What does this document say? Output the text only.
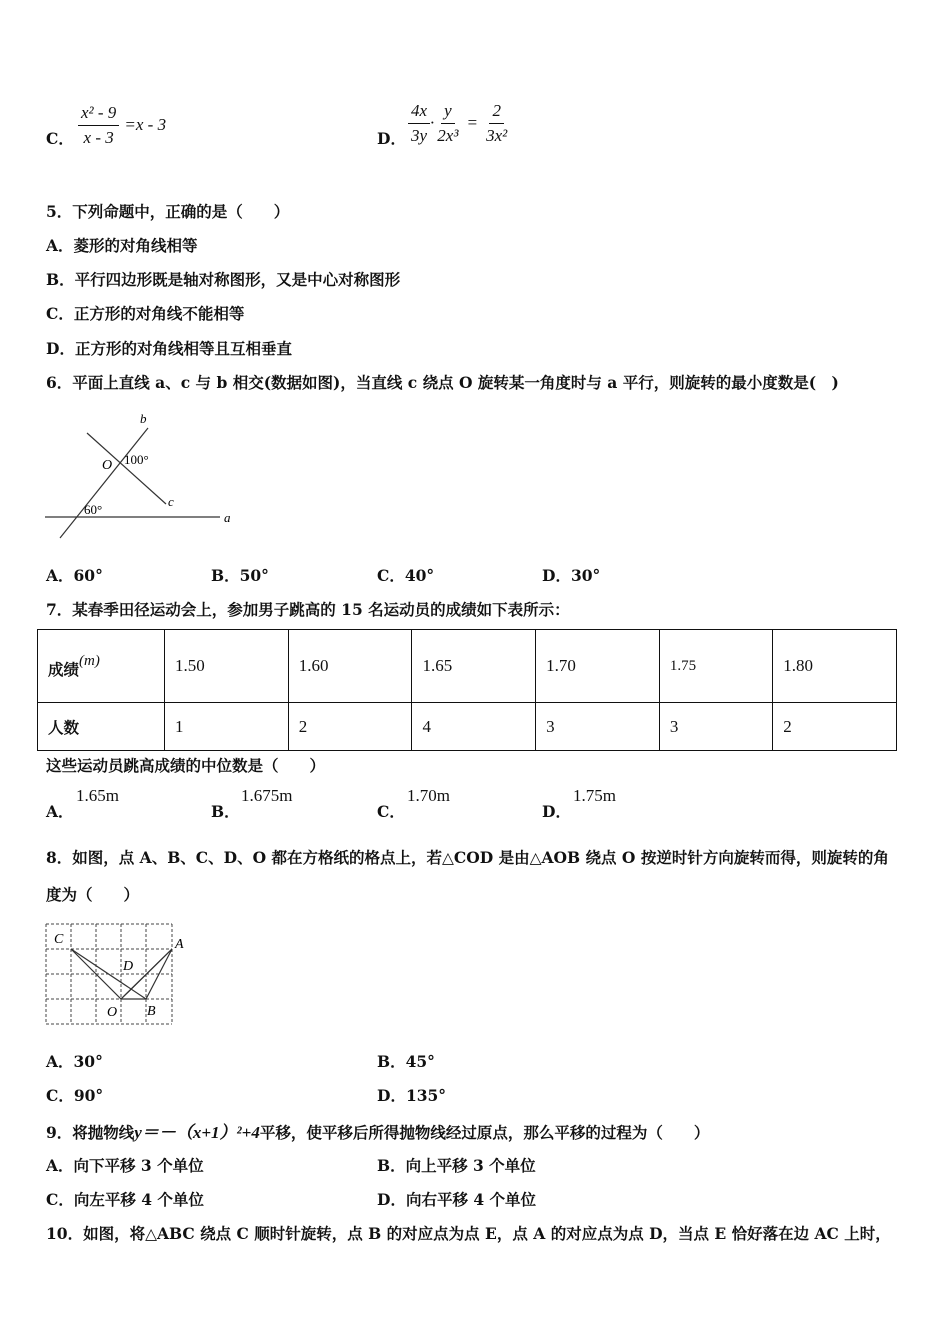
C． $\frac{\text{x² - 9}}{x - 3} =x - 3$
D． $\frac{4x}{3y} \cdot \frac{y}{\text{2x³}} = \frac{2}{\text{3x²}}$
5．下列命题中，正确的是（　　）
A．菱形的对角线相等
B．平行四边形既是轴对称图形，又是中心对称图形
C．正方形的对角线不能相等
D．正方形的对角线相等且互相垂直
6．平面上直线 a、c 与 b 相交(数据如图)，当直线 c 绕点 O 旋转某一角度时与 a 平行，则旋转的最小度数是(　)
b
O 100°
c
60°
a
A．60°	B．50°	C．40°	D．30°
7．某春季田径运动会上，参加男子跳高的 15 名运动员的成绩如下表所示：
成绩$^{(m)}$	1.50	1.60	1.65	1.70	1.75	1.80
人数	1	2	4	3	3	2
这些运动员跳高成绩的中位数是（　　）
A．
1.65m
B．
1.675m
C．
1.70m
D．
1.75m
8．如图，点 A、B、C、D、O 都在方格纸的格点上，若△COD 是由△AOB 绕点 O 按逆时针方向旋转而得，则旋转的角
度为（　　）
C	A
D
O B
A．30°	B．45°
C．90°	D．135°
9．将抛物线y＝－（x+1）²+4平移，使平移后所得抛物线经过原点，那么平移的过程为（　　）
A．向下平移 3 个单位	B．向上平移 3 个单位
C．向左平移 4 个单位	D．向右平移 4 个单位
10．如图，将△ABC 绕点 C 顺时针旋转，点 B 的对应点为点 E，点 A 的对应点为点 D，当点 E 恰好落在边 AC 上时，
